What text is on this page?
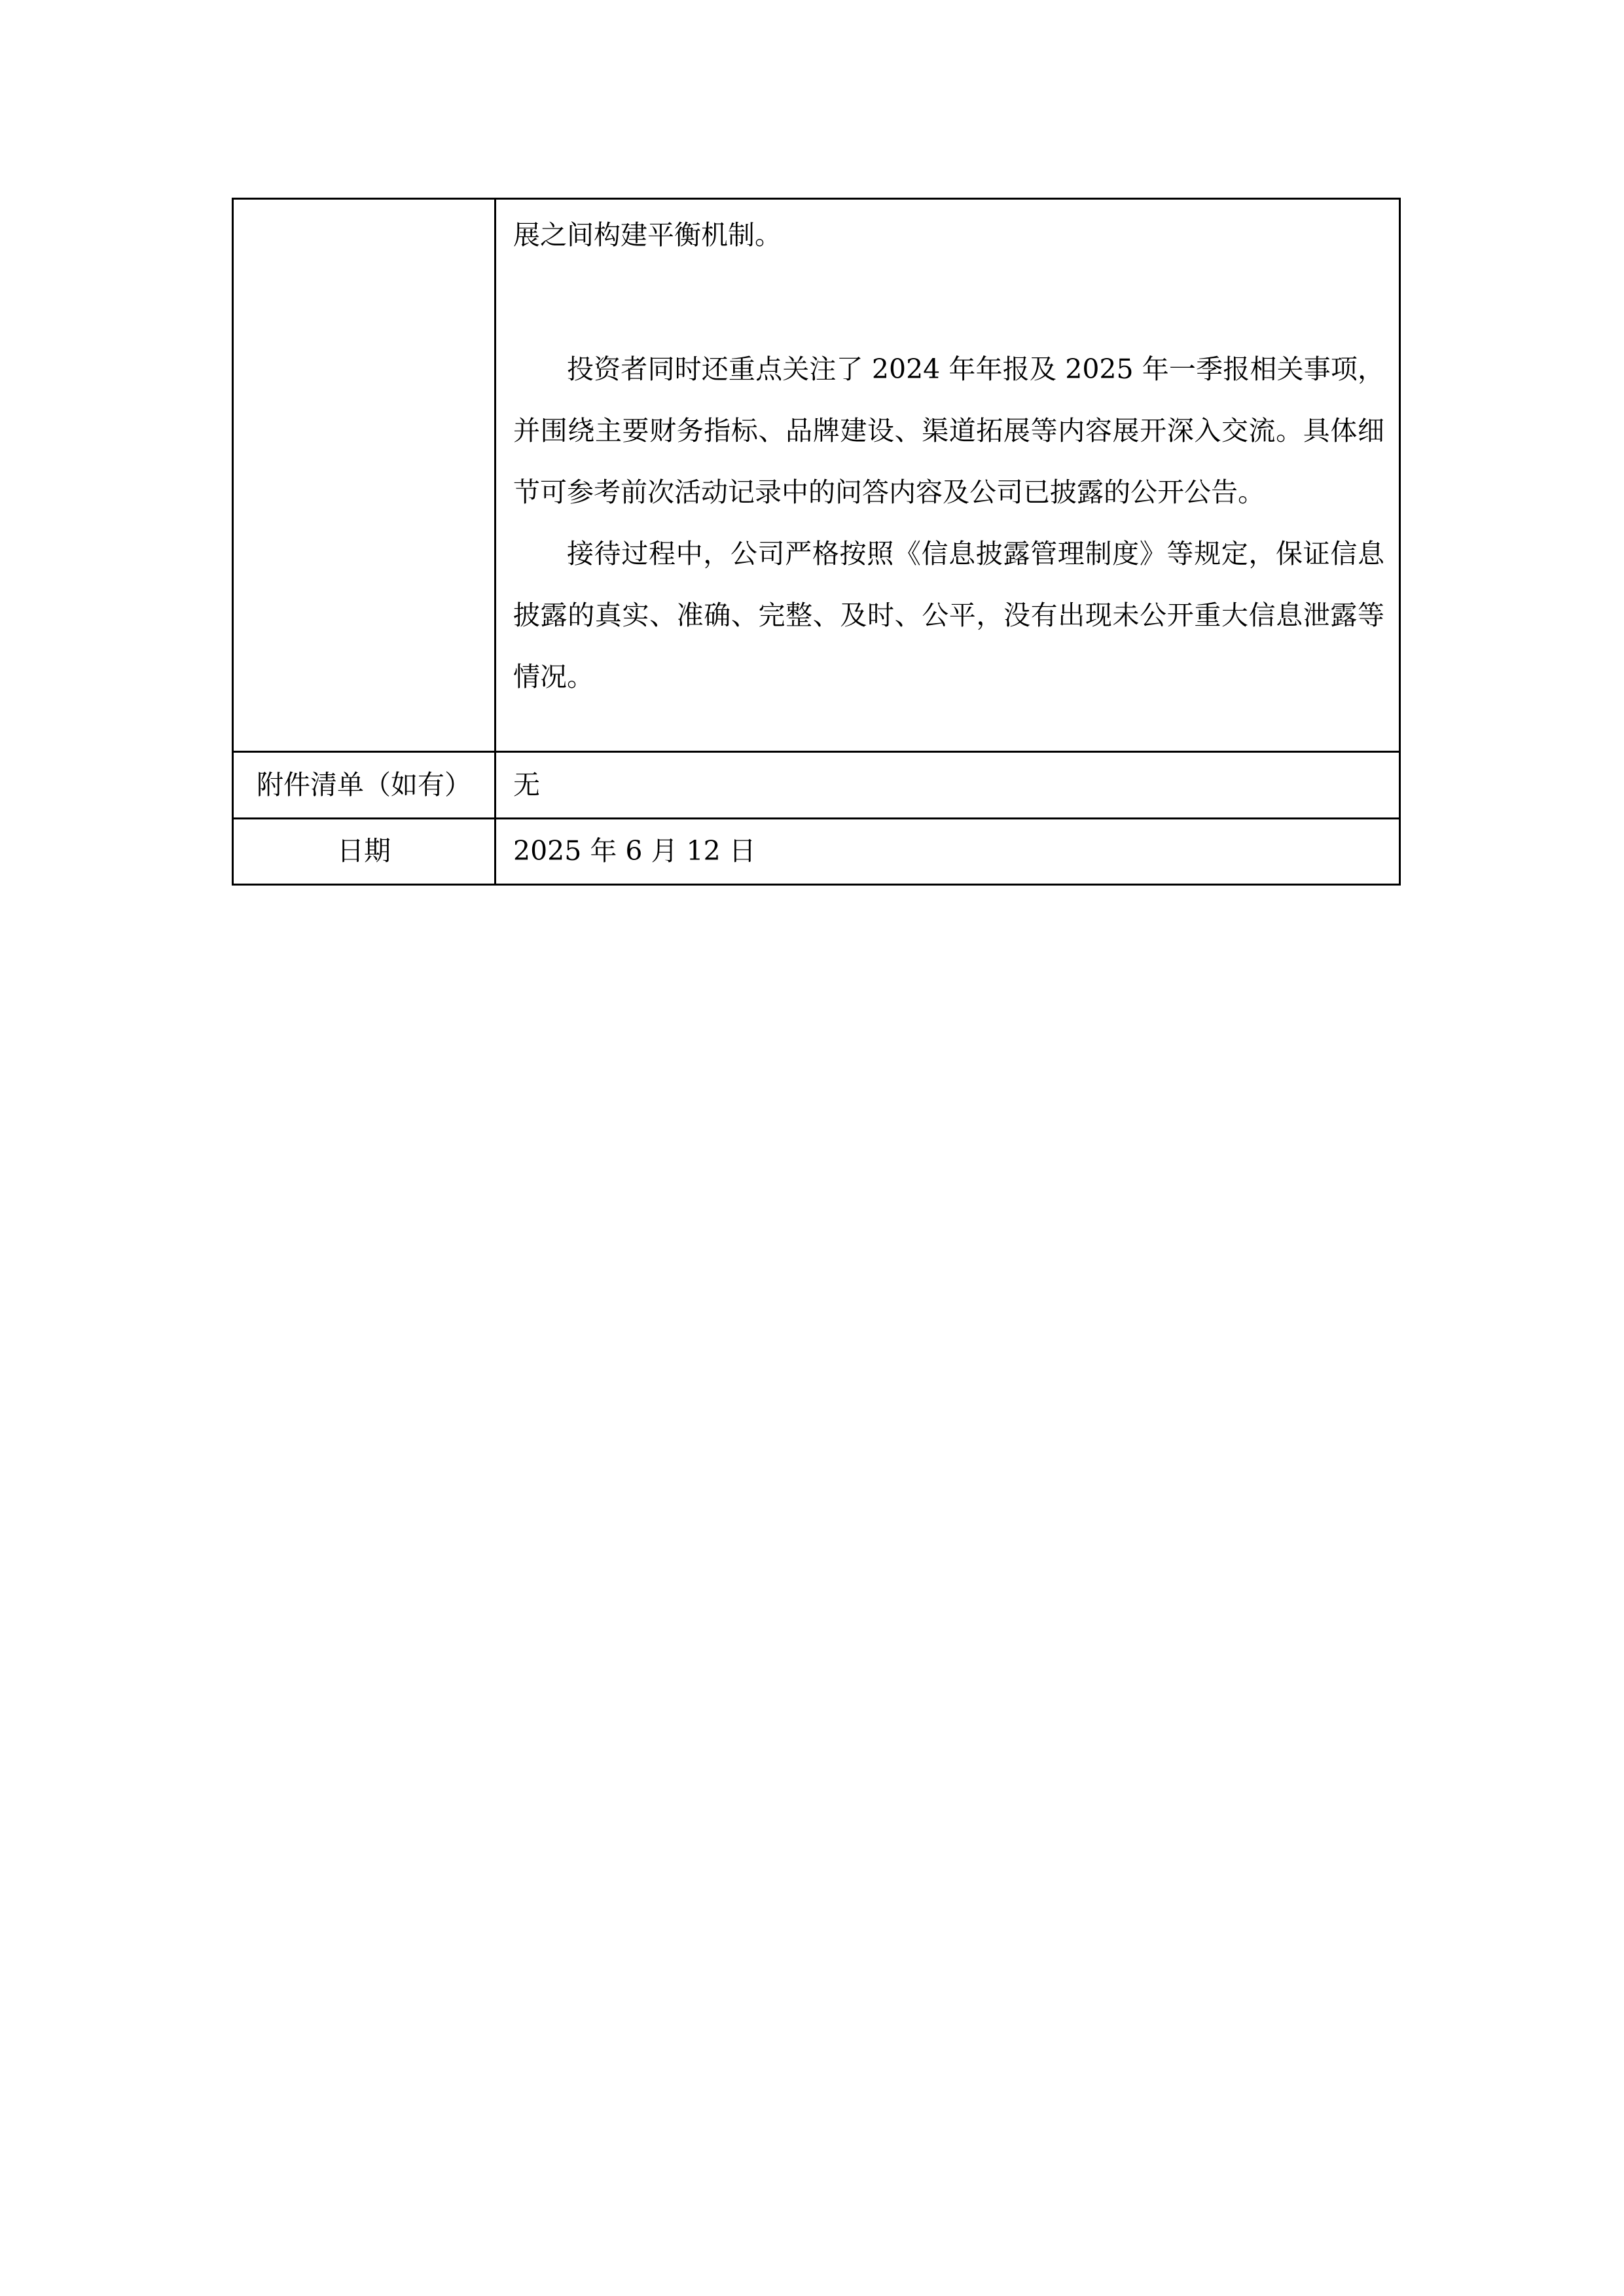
	展之间构建平衡机制。

投资者同时还重点关注了 2024 年年报及 2025 年一季报相关事项，并围绕主要财务指标、品牌建设、渠道拓展等内容展开深入交流。具体细节可参考前次活动记录中的问答内容及公司已披露的公开公告。

接待过程中，公司严格按照《信息披露管理制度》等规定，保证信息披露的真实、准确、完整、及时、公平，没有出现未公开重大信息泄露等情况。

附件清单（如有）	无

日期	2025 年 6 月 12 日
